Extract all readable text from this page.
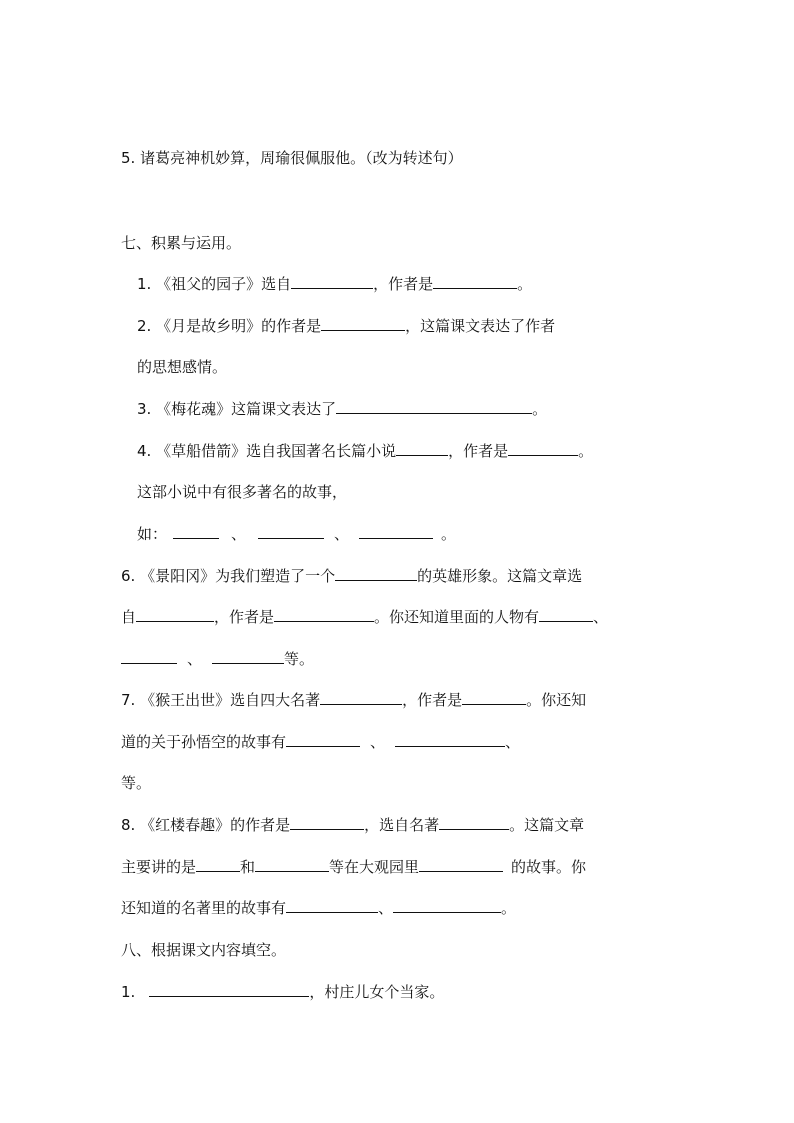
5. 诸葛亮神机妙算，周瑜很佩服他。（改为转述句）
七、积累与运用。
1. 《祖父的园子》选自	，作者是	。
2. 《月是故乡明》的作者是	，这篇课文表达了作者
的思想感情。
3. 《梅花魂》这篇课文表达了	。
4. 《草船借箭》选自我国著名长篇小说	，作者是	。
这部小说中有很多著名的故事，
如：	、	、	。
6. 《景阳冈》为我们塑造了一个	的英雄形象。这篇文章选
自	，作者是	。你还知道里面的人物有	、
、	等。
7. 《猴王出世》选自四大名著	，作者是	。你还知
道的关于孙悟空的故事有	、	、
等。
8. 《红楼春趣》的作者是	，选自名著	。这篇文章
主要讲的是	和	等在大观园里	的故事。你
还知道的名著里的故事有	、	。
八、根据课文内容填空。
1.	，村庄儿女个当家。
